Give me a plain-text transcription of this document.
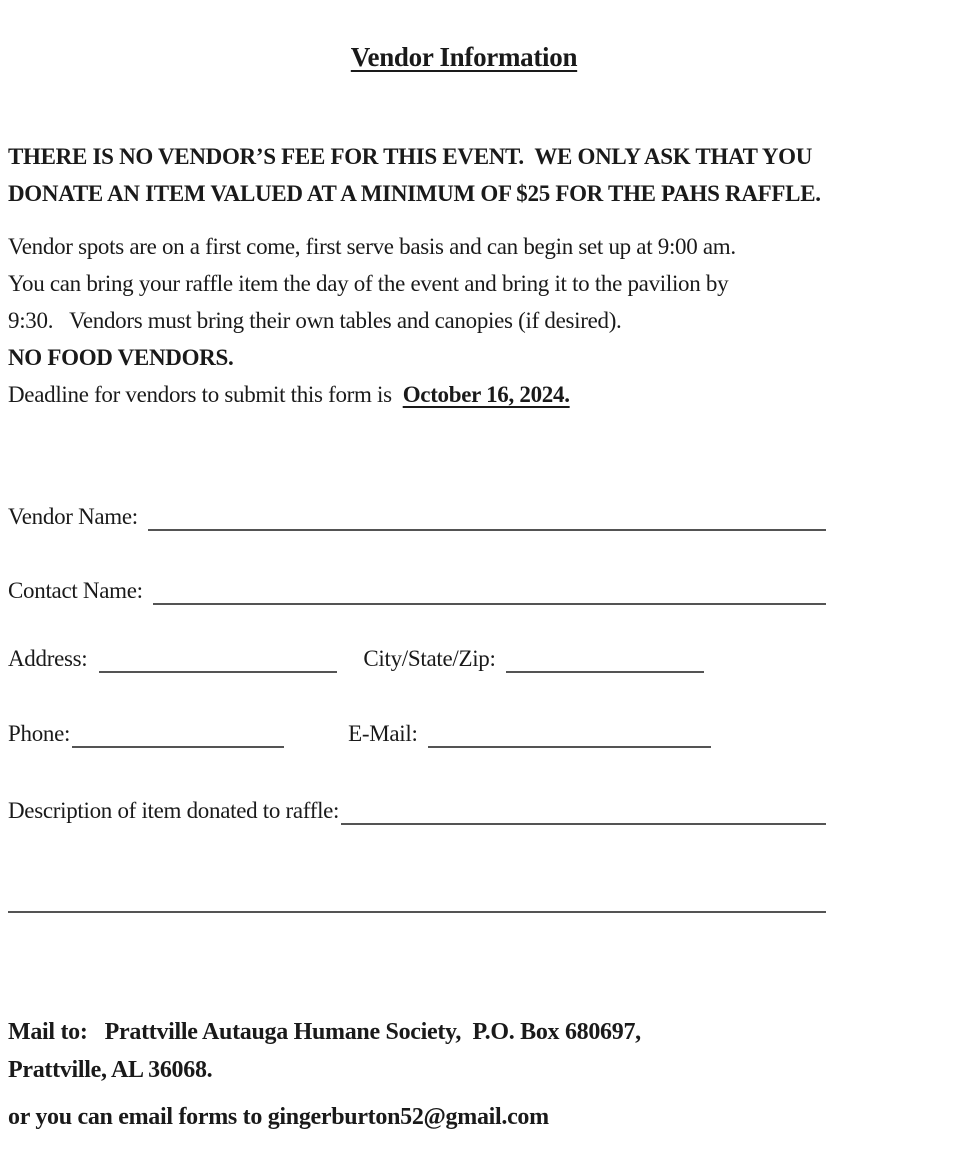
Vendor Information
THERE IS NO VENDOR’S FEE FOR THIS EVENT.  WE ONLY ASK THAT YOU
DONATE AN ITEM VALUED AT A MINIMUM OF $25 FOR THE PAHS RAFFLE.
Vendor spots are on a first come, first serve basis and can begin set up at 9:00 am.
You can bring your raffle item the day of the event and bring it to the pavilion by
9:30.   Vendors must bring their own tables and canopies (if desired).
NO FOOD VENDORS.
Deadline for vendors to submit this form is  October 16, 2024.
Vendor Name:
Contact Name:
Address:	City/State/Zip:
Phone:	E-Mail:
Description of item donated to raffle:
Mail to:   Prattville Autauga Humane Society,  P.O. Box 680697,
Prattville, AL 36068.
or you can email forms to gingerburton52@gmail.com
